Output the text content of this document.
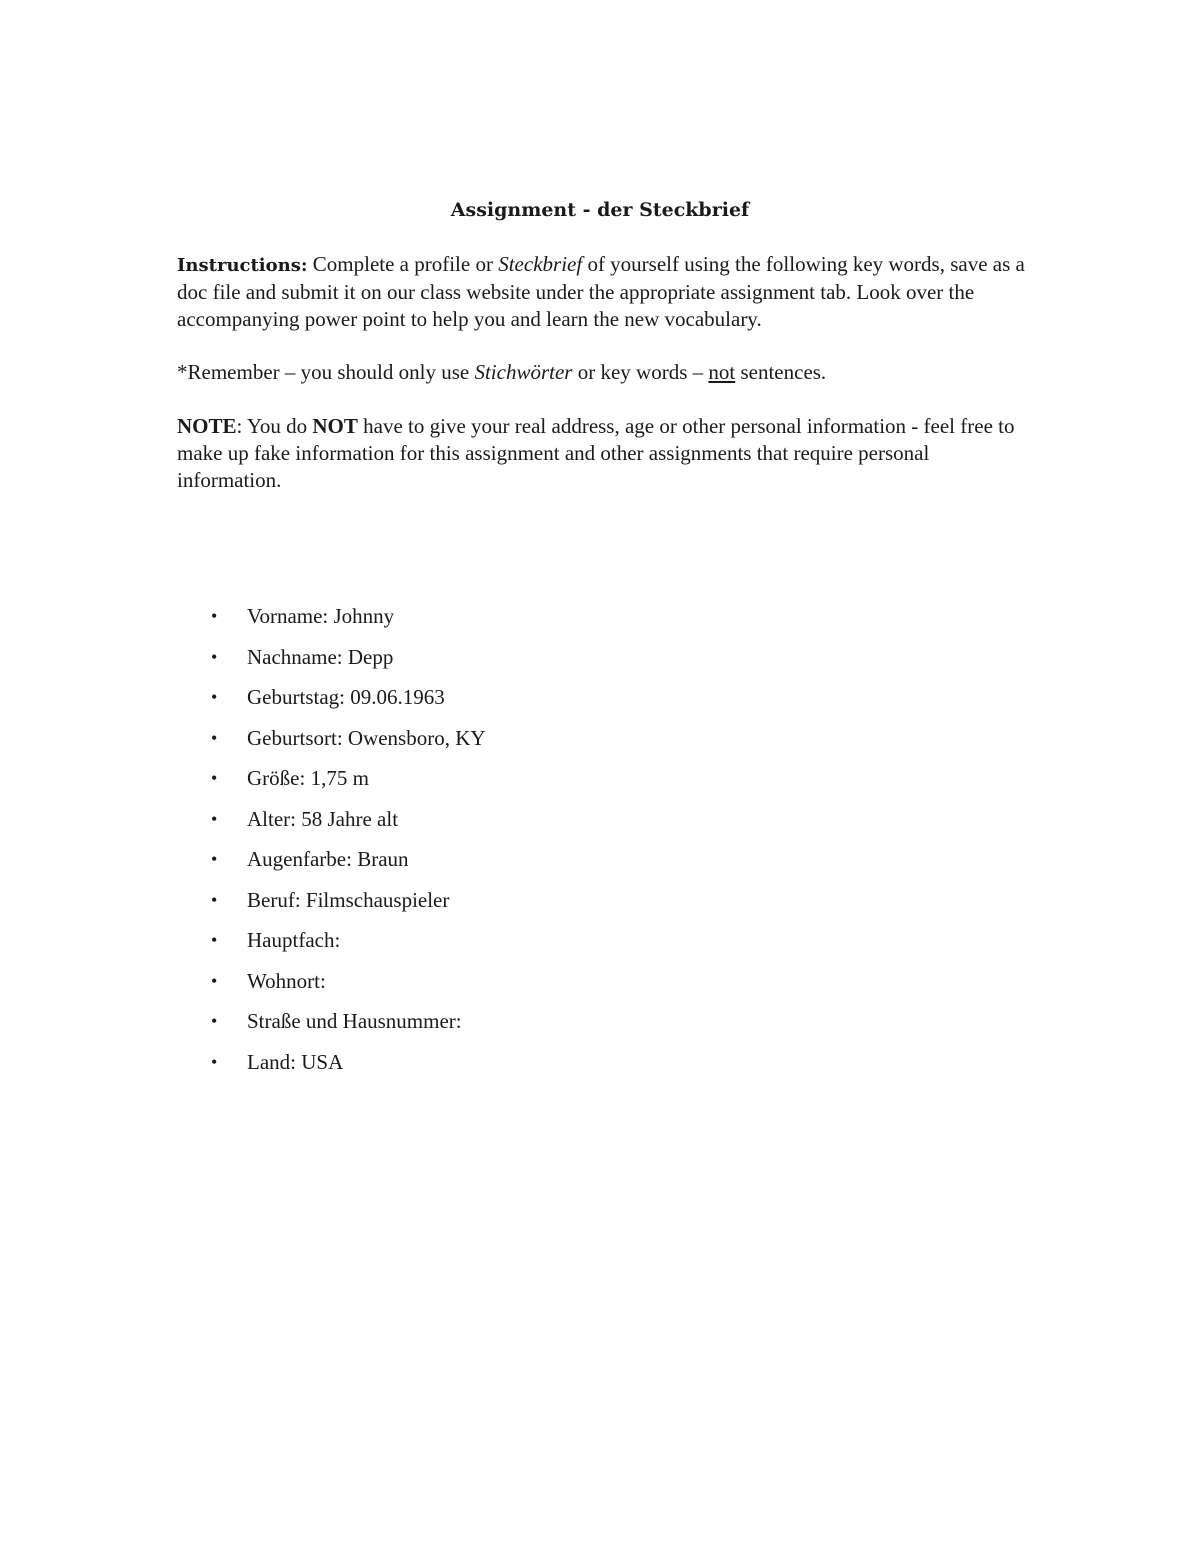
Assignment - der Steckbrief

Instructions: Complete a profile or Steckbrief of yourself using the following key words, save as a doc file and submit it on our class website under the appropriate assignment tab. Look over the accompanying power point to help you and learn the new vocabulary.

*Remember – you should only use Stichwörter or key words – not sentences.

NOTE: You do NOT have to give your real address, age or other personal information - feel free to make up fake information for this assignment and other assignments that require personal information.

• Vorname: Johnny
• Nachname: Depp
• Geburtstag: 09.06.1963
• Geburtsort: Owensboro, KY
• Größe: 1,75 m
• Alter: 58 Jahre alt
• Augenfarbe: Braun
• Beruf: Filmschauspieler
• Hauptfach:
• Wohnort:
• Straße und Hausnummer:
• Land: USA
